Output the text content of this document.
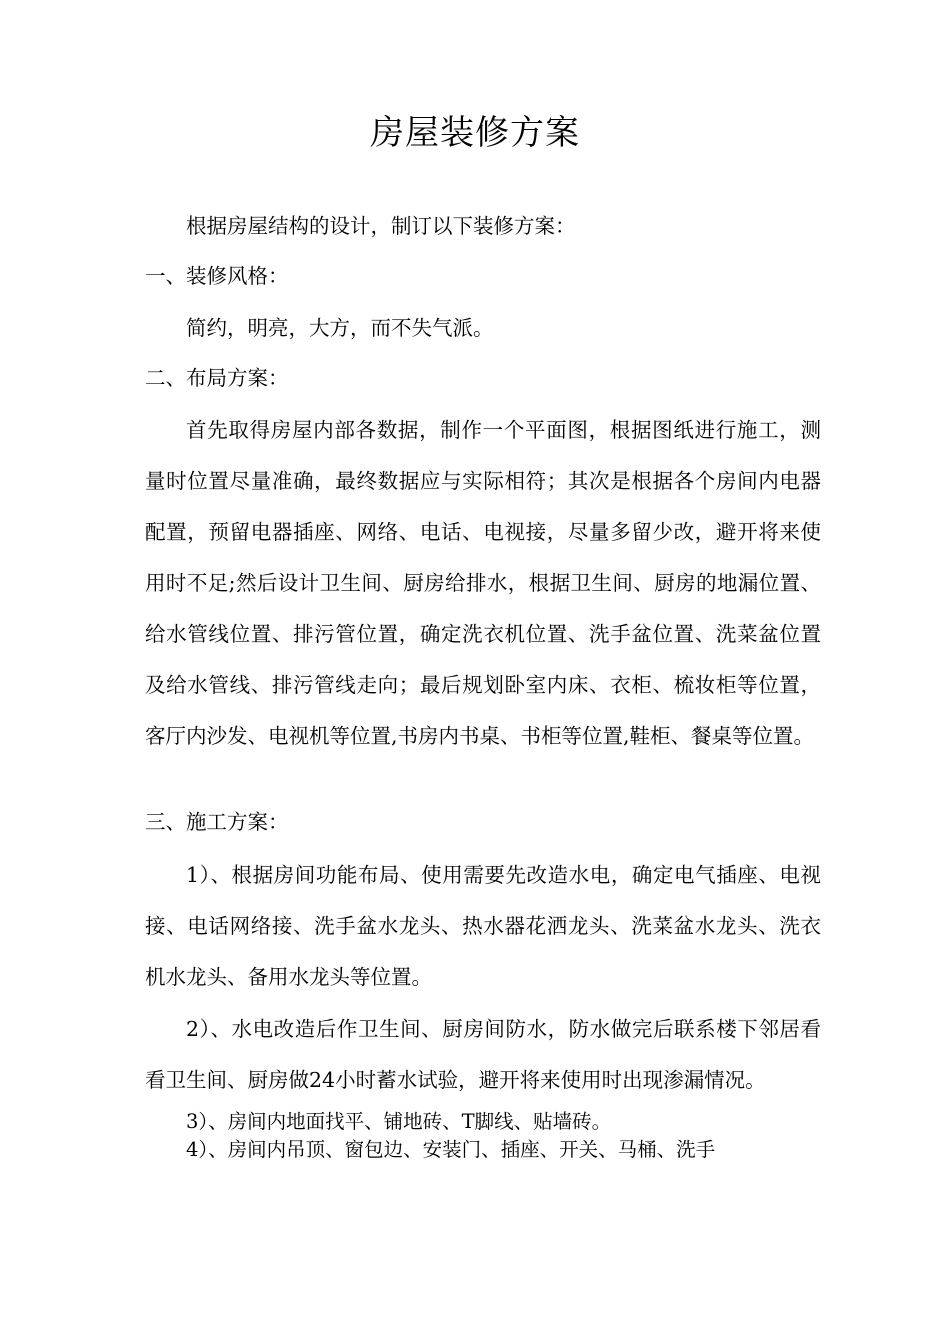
房屋装修方案

根据房屋结构的设计，制订以下装修方案：

一、装修风格：

简约，明亮，大方，而不失气派。

二、布局方案：

首先取得房屋内部各数据，制作一个平面图，根据图纸进行施工，测量时位置尽量准确，最终数据应与实际相符；其次是根据各个房间内电器配置，预留电器插座、网络、电话、电视接，尽量多留少改，避开将来使用时不足;然后设计卫生间、厨房给排水，根据卫生间、厨房的地漏位置、给水管线位置、排污管位置，确定洗衣机位置、洗手盆位置、洗菜盆位置及给水管线、排污管线走向；最后规划卧室内床、衣柜、梳妆柜等位置，客厅内沙发、电视机等位置,书房内书桌、书柜等位置,鞋柜、餐桌等位置。

三、施工方案：

1）、根据房间功能布局、使用需要先改造水电，确定电气插座、电视接、电话网络接、洗手盆水龙头、热水器花洒龙头、洗菜盆水龙头、洗衣机水龙头、备用水龙头等位置。

2）、水电改造后作卫生间、厨房间防水，防水做完后联系楼下邻居看看卫生间、厨房做24小时蓄水试验，避开将来使用时出现渗漏情况。

3）、房间内地面找平、铺地砖、T脚线、贴墙砖。

4）、房间内吊顶、窗包边、安装门、插座、开关、马桶、洗手
